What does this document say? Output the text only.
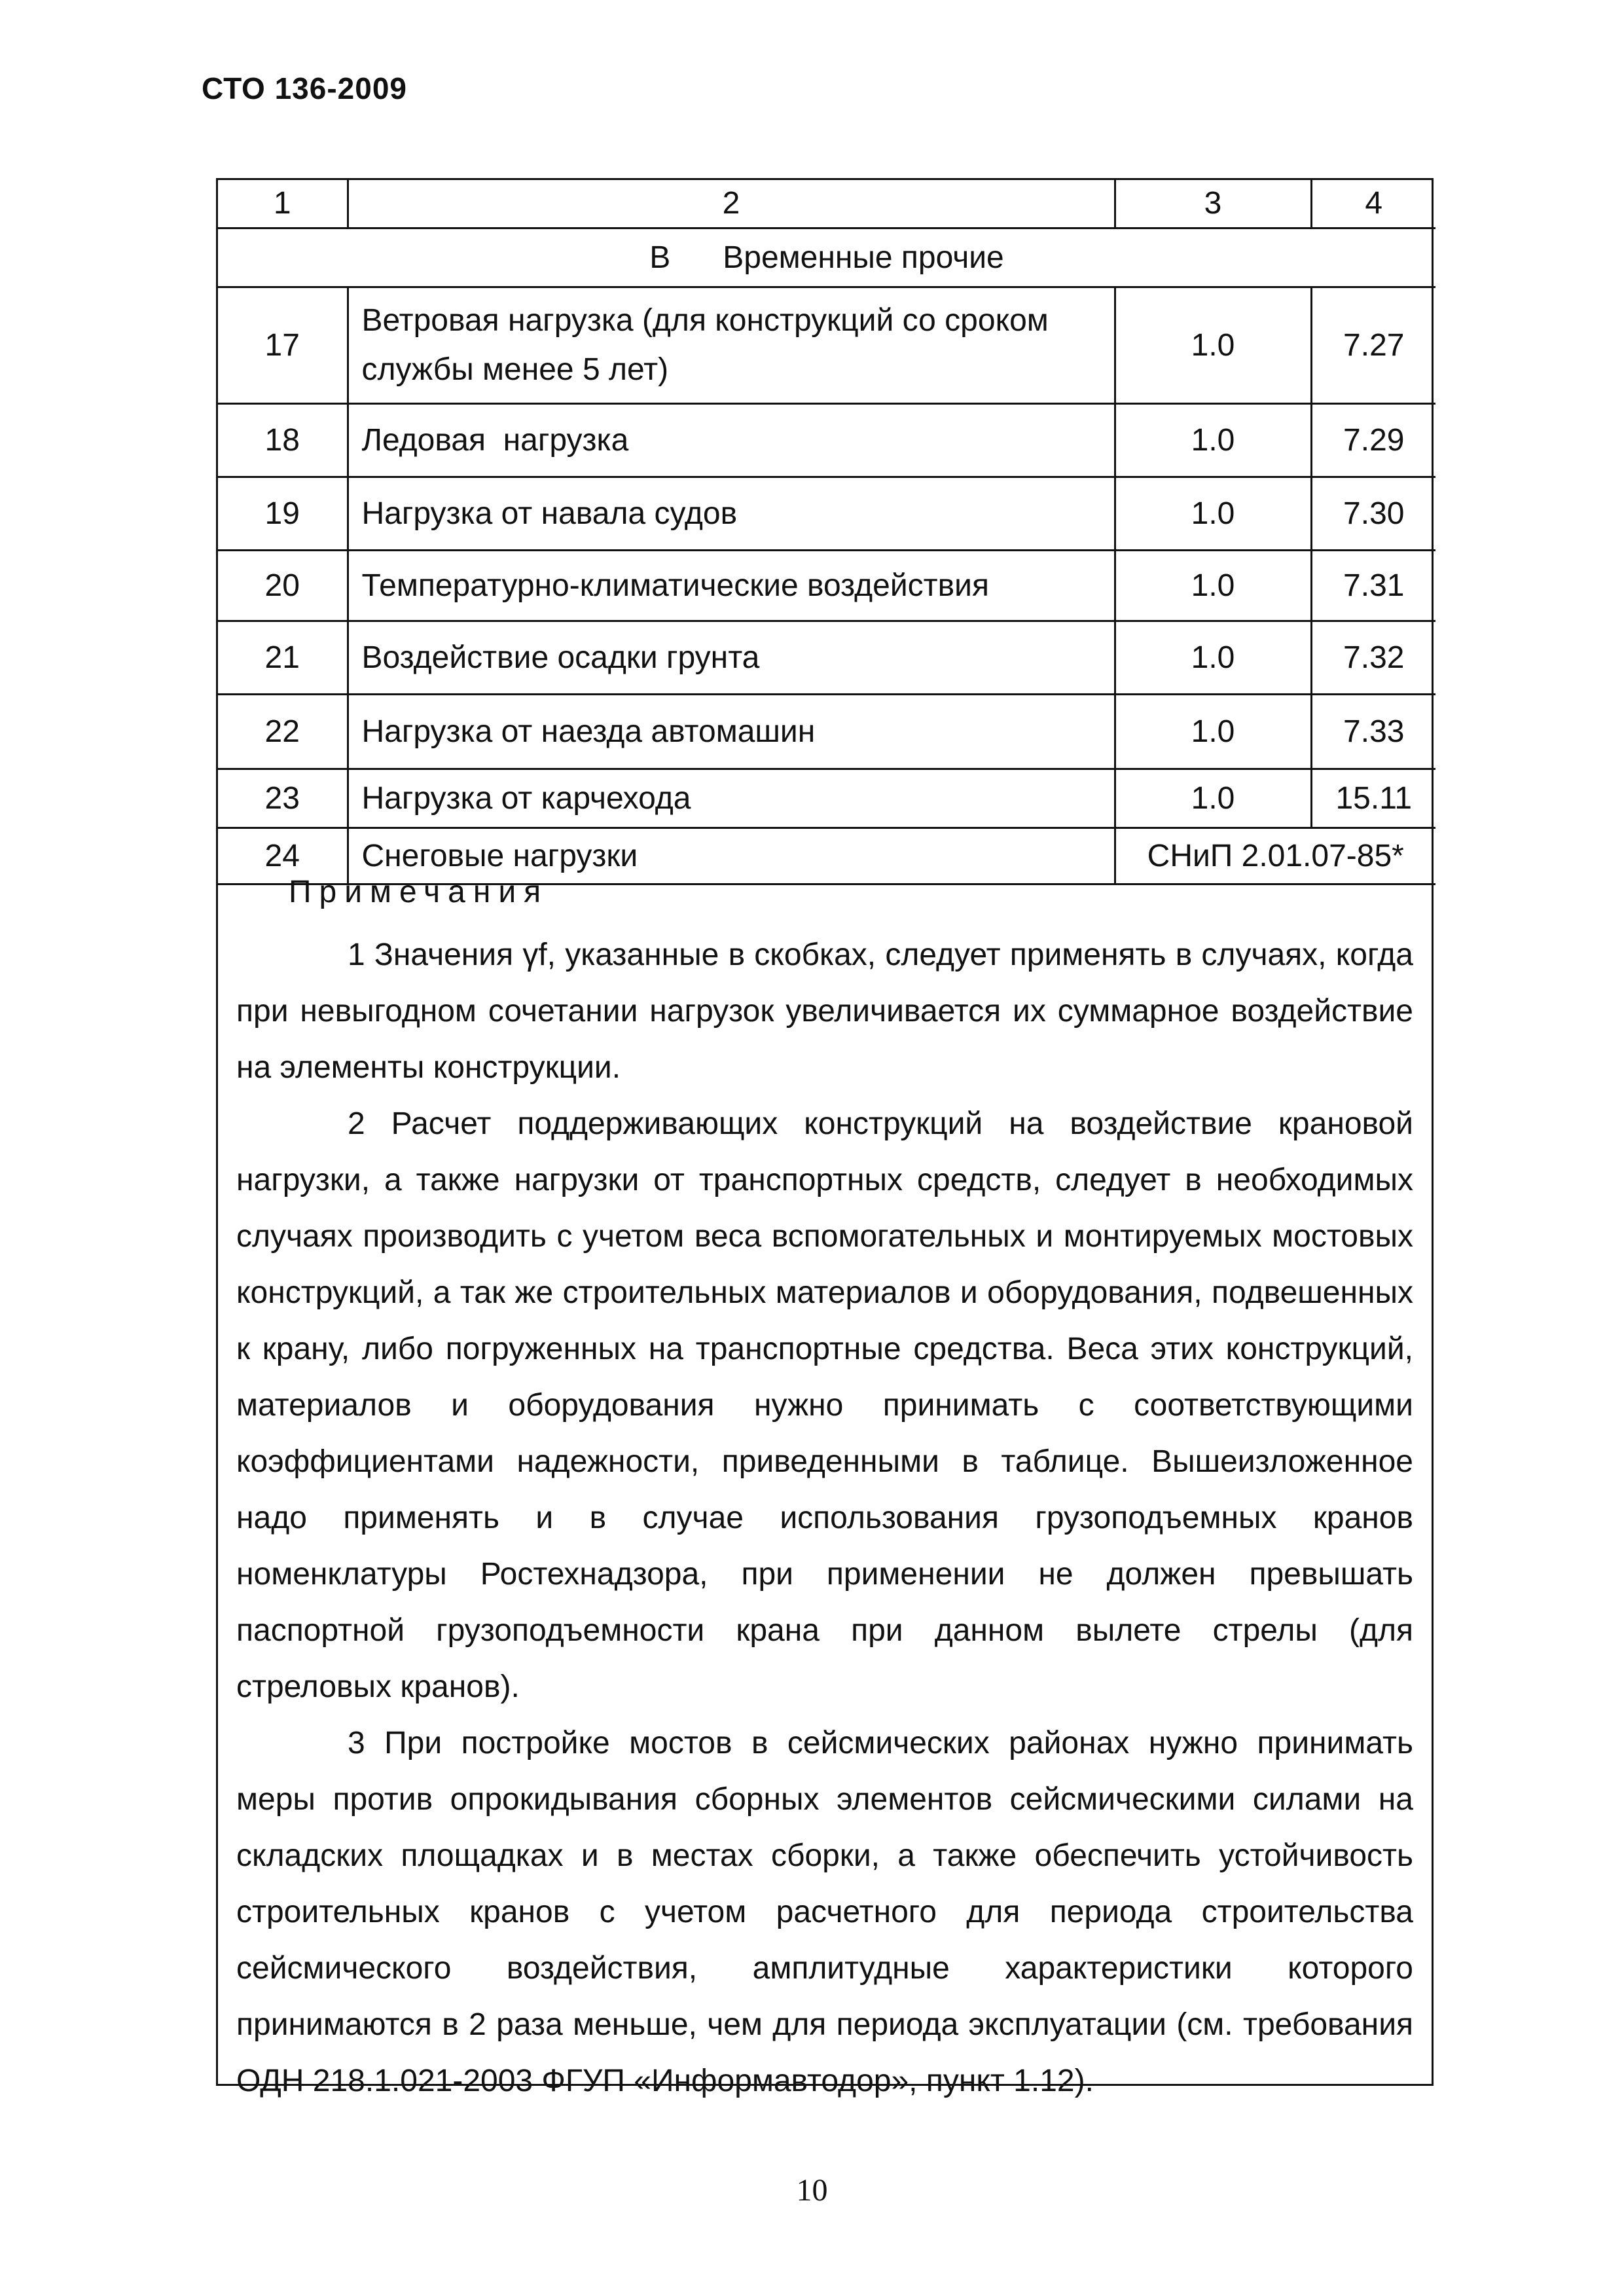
СТО 136-2009
1	2	3	4
В Временные прочие			
17	Ветровая нагрузка (для конструкций со сроком службы менее 5 лет)	1.0	7.27
18	Ледовая  нагрузка	1.0	7.29
19	Нагрузка от навала судов	1.0	7.30
20	Температурно-климатические воздействия	1.0	7.31
21	Воздействие осадки грунта	1.0	7.32
22	Нагрузка от наезда автомашин	1.0	7.33
23	Нагрузка от карчехода	1.0	15.11
24	Снеговые нагрузки	СНиП 2.01.07-85*	
Примечания

1 Значения γf, указанные в скобках, следует применять в случаях, когда при невыгодном сочетании нагрузок увеличивается их суммарное воздействие на элементы конструкции.

2 Расчет поддерживающих конструкций на воздействие крановой нагрузки, а также нагрузки от транспортных средств, следует в необходимых случаях производить с учетом веса вспомогательных и монтируемых мостовых конструкций, а так же строительных материалов и оборудования, подвешенных к крану, либо погруженных на транспортные средства. Веса этих конструкций, материалов и оборудования нужно принимать с соответствующими коэффициентами надежности, приведенными в таблице. Вышеизложенное надо применять и в случае использования грузоподъемных кранов номенклатуры Ростехнадзора, при применении не должен превышать паспортной грузоподъемности крана при данном вылете стрелы (для стреловых кранов).

3 При постройке мостов в сейсмических районах нужно принимать меры против опрокидывания сборных элементов сейсмическими силами на складских площадках и в местах сборки, а также обеспечить устойчивость строительных кранов с учетом расчетного для периода строительства сейсмического воздействия, амплитудные характеристики которого принимаются в 2 раза меньше, чем для периода эксплуатации (см. требования ОДН 218.1.021-2003 ФГУП «Информавтодор», пункт 1.12).

10
